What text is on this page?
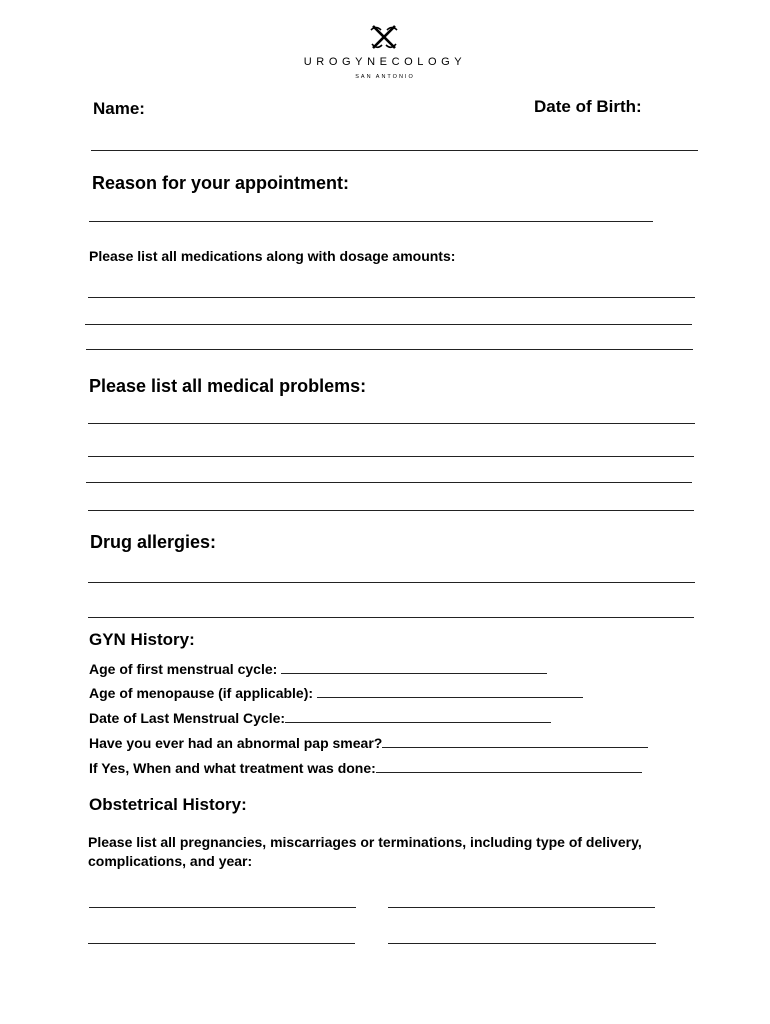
UROGYNECOLOGY
SAN ANTONIO
Name:	Date of Birth:
Reason for your appointment:
Please list all medications along with dosage amounts:
Please list all medical problems:
Drug allergies:
GYN History:
Age of first menstrual cycle:
Age of menopause (if applicable):
Date of Last Menstrual Cycle:
Have you ever had an abnormal pap smear?
If Yes, When and what treatment was done:
Obstetrical History:
Please list all pregnancies, miscarriages or terminations, including type of delivery, complications, and year:
